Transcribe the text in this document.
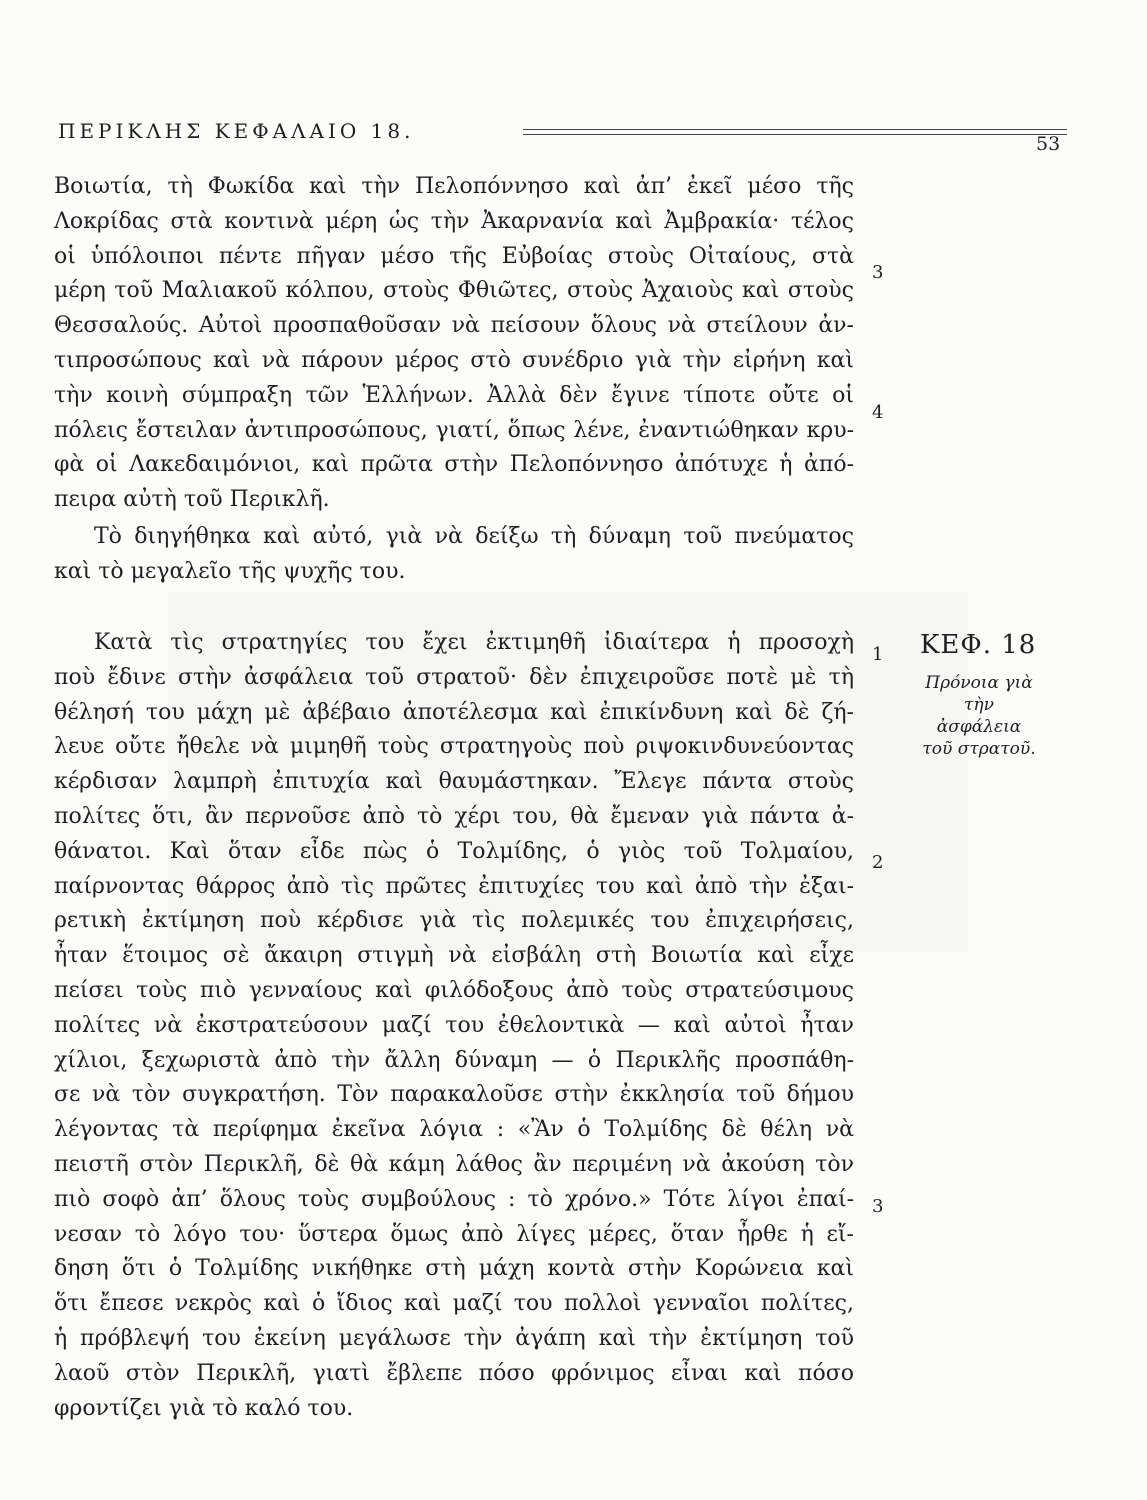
ΠΕΡΙΚΛΗΣ ΚΕΦΑΛΑΙΟ 18.
53

Βοιωτία, τὴ Φωκίδα καὶ τὴν Πελοπόννησο καὶ ἀπ’ ἐκεῖ μέσο τῆς
Λοκρίδας στὰ κοντινὰ μέρη ὡς τὴν Ἀκαρνανία καὶ Ἀμβρακία· τέλος
οἱ ὑπόλοιποι πέντε πῆγαν μέσο τῆς Εὐβοίας στοὺς Οἰταίους, στὰ
μέρη τοῦ Μαλιακοῦ κόλπου, στοὺς Φθιῶτες, στοὺς Ἀχαιοὺς καὶ στοὺς
Θεσσαλούς. Αὐτοὶ προσπαθοῦσαν νὰ πείσουν ὅλους νὰ στείλουν ἀν-
τιπροσώπους καὶ νὰ πάρουν μέρος στὸ συνέδριο γιὰ τὴν εἰρήνη καὶ
τὴν κοινὴ σύμπραξη τῶν Ἑλλήνων. Ἀλλὰ δὲν ἔγινε τίποτε οὔτε οἱ
πόλεις ἔστειλαν ἀντιπροσώπους, γιατί, ὅπως λένε, ἐναντιώθηκαν κρυ-
φὰ οἱ Λακεδαιμόνιοι, καὶ πρῶτα στὴν Πελοπόννησο ἀπότυχε ἡ ἀπό-
πειρα αὐτὴ τοῦ Περικλῆ.

Τὸ διηγήθηκα καὶ αὐτό, γιὰ νὰ δείξω τὴ δύναμη τοῦ πνεύματος
καὶ τὸ μεγαλεῖο τῆς ψυχῆς του.

Κατὰ τὶς στρατηγίες του ἔχει ἐκτιμηθῆ ἰδιαίτερα ἡ προσοχὴ
ποὺ ἔδινε στὴν ἀσφάλεια τοῦ στρατοῦ· δὲν ἐπιχειροῦσε ποτὲ μὲ τὴ
θέλησή του μάχη μὲ ἀβέβαιο ἀποτέλεσμα καὶ ἐπικίνδυνη καὶ δὲ ζή-
λευε οὔτε ἤθελε νὰ μιμηθῆ τοὺς στρατηγοὺς ποὺ ριψοκινδυνεύοντας
κέρδισαν λαμπρὴ ἐπιτυχία καὶ θαυμάστηκαν. Ἔλεγε πάντα στοὺς
πολίτες ὅτι, ἂν περνοῦσε ἀπὸ τὸ χέρι του, θὰ ἔμεναν γιὰ πάντα ἀ-
θάνατοι. Καὶ ὅταν εἶδε πὼς ὁ Τολμίδης, ὁ γιὸς τοῦ Τολμαίου,
παίρνοντας θάρρος ἀπὸ τὶς πρῶτες ἐπιτυχίες του καὶ ἀπὸ τὴν ἐξαι-
ρετικὴ ἐκτίμηση ποὺ κέρδισε γιὰ τὶς πολεμικές του ἐπιχειρήσεις,
ἦταν ἕτοιμος σὲ ἄκαιρη στιγμὴ νὰ εἰσβάλη στὴ Βοιωτία καὶ εἶχε
πείσει τοὺς πιὸ γενναίους καὶ φιλόδοξους ἀπὸ τοὺς στρατεύσιμους
πολίτες νὰ ἐκστρατεύσουν μαζί του ἐθελοντικὰ — καὶ αὐτοὶ ἦταν
χίλιοι, ξεχωριστὰ ἀπὸ τὴν ἄλλη δύναμη — ὁ Περικλῆς προσπάθη-
σε νὰ τὸν συγκρατήση. Τὸν παρακαλοῦσε στὴν ἐκκλησία τοῦ δήμου
λέγοντας τὰ περίφημα ἐκεῖνα λόγια : «Ἂν ὁ Τολμίδης δὲ θέλη νὰ
πειστῆ στὸν Περικλῆ, δὲ θὰ κάμη λάθος ἂν περιμένη νὰ ἀκούση τὸν
πιὸ σοφὸ ἀπ’ ὅλους τοὺς συμβούλους : τὸ χρόνο.» Τότε λίγοι ἐπαί-
νεσαν τὸ λόγο του· ὕστερα ὅμως ἀπὸ λίγες μέρες, ὅταν ἦρθε ἡ εἴ-
δηση ὅτι ὁ Τολμίδης νικήθηκε στὴ μάχη κοντὰ στὴν Κορώνεια καὶ
ὅτι ἔπεσε νεκρὸς καὶ ὁ ἴδιος καὶ μαζί του πολλοὶ γενναῖοι πολίτες,
ἡ πρόβλεψή του ἐκείνη μεγάλωσε τὴν ἀγάπη καὶ τὴν ἐκτίμηση τοῦ
λαοῦ στὸν Περικλῆ, γιατὶ ἔβλεπε πόσο φρόνιμος εἶναι καὶ πόσο
φροντίζει γιὰ τὸ καλό του.

3
4
1
2
3
ΚΕΦ. 18
Πρόνοια γιὰ τὴν ἀσφάλεια τοῦ στρατοῦ.
